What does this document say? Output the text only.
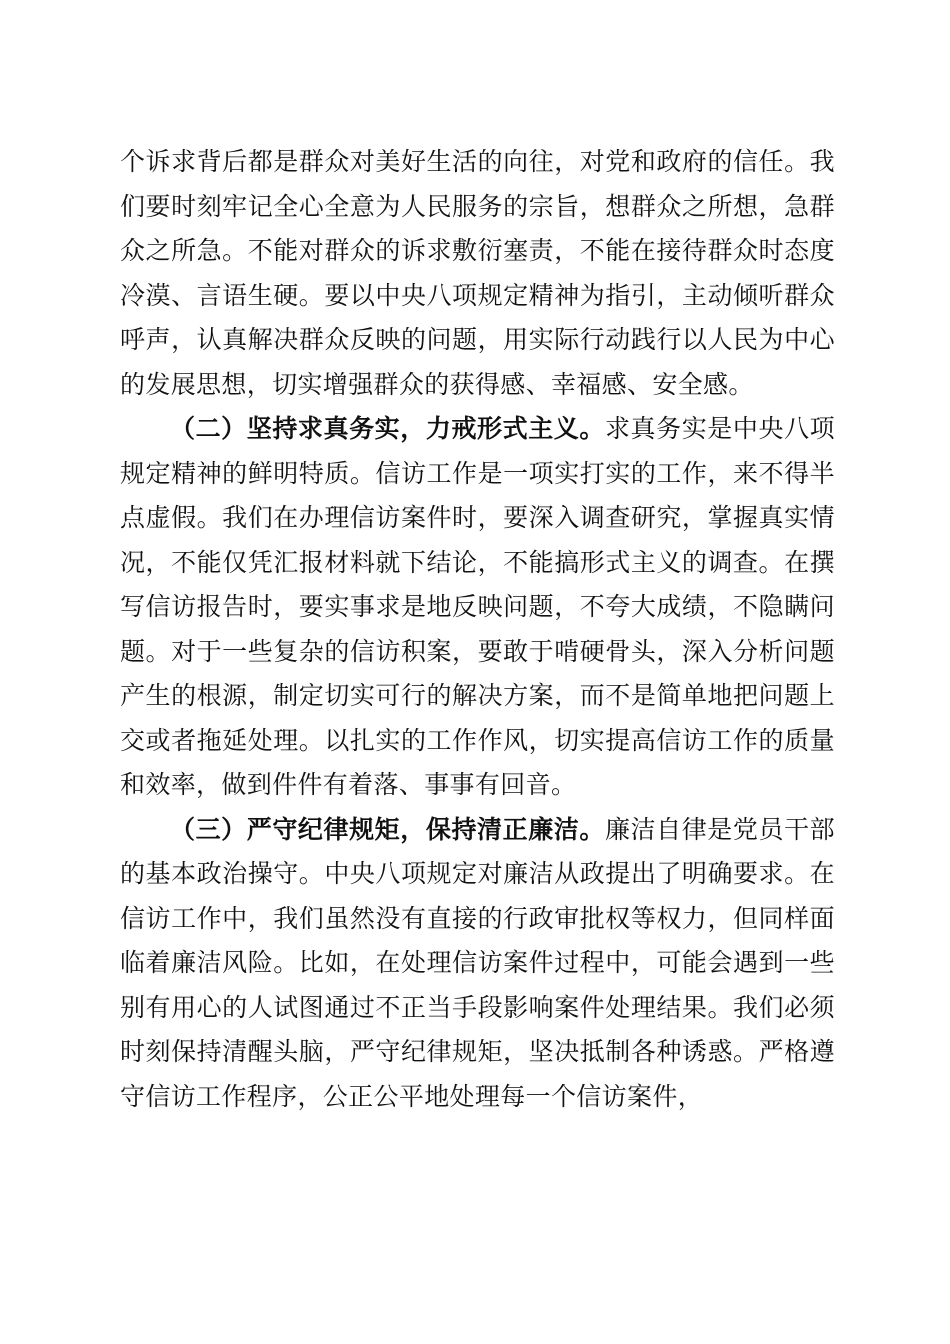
个诉求背后都是群众对美好生活的向往，对党和政府的信任。我们要时刻牢记全心全意为人民服务的宗旨，想群众之所想，急群众之所急。不能对群众的诉求敷衍塞责，不能在接待群众时态度冷漠、言语生硬。要以中央八项规定精神为指引，主动倾听群众呼声，认真解决群众反映的问题，用实际行动践行以人民为中心的发展思想，切实增强群众的获得感、幸福感、安全感。

（二）坚持求真务实，力戒形式主义。求真务实是中央八项规定精神的鲜明特质。信访工作是一项实打实的工作，来不得半点虚假。我们在办理信访案件时，要深入调查研究，掌握真实情况，不能仅凭汇报材料就下结论，不能搞形式主义的调查。在撰写信访报告时，要实事求是地反映问题，不夸大成绩，不隐瞒问题。对于一些复杂的信访积案，要敢于啃硬骨头，深入分析问题产生的根源，制定切实可行的解决方案，而不是简单地把问题上交或者拖延处理。以扎实的工作作风，切实提高信访工作的质量和效率，做到件件有着落、事事有回音。

（三）严守纪律规矩，保持清正廉洁。廉洁自律是党员干部的基本政治操守。中央八项规定对廉洁从政提出了明确要求。在信访工作中，我们虽然没有直接的行政审批权等权力，但同样面临着廉洁风险。比如，在处理信访案件过程中，可能会遇到一些别有用心的人试图通过不正当手段影响案件处理结果。我们必须时刻保持清醒头脑，严守纪律规矩，坚决抵制各种诱惑。严格遵守信访工作程序，公正公平地处理每一个信访案件，
